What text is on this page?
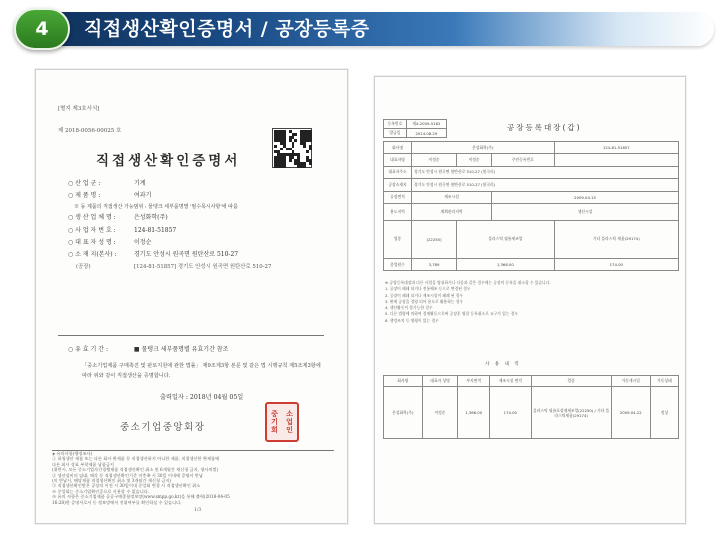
4	직접생산확인증명서 / 공장등록증
[별지 제3호서식]
제 2018-0056-00025 호
직접생산확인증명서
○ 산 업 군 :	기계
○ 제 품 명 :	여과기
※ 동 제품의 직접생산 가능범위 : 물탱크 세부품명별 '필수목시사항'에 따름
○ 생 산 업 체 명 :	은성화학(주)
○ 사 업 자 번 호 :	124-81-51857
○ 대 표 자 성 명 :	이정순
○ 소 재 지(본사) :	경기도 안성시 원곡면 원탄산로 510-27
(공장)	[124-81-51857] 경기도 안성시 원곡면 원탄산로 510-27
○ 유 효 기 간 :	■ 물탱크 세부품명별 유효기간 참조
「중소기업제품 구매촉진 및 판로지원에 관한 법률」 제9조제3항 본문 및 같은 법 시행규칙 제5조제3항에 따라 위와 같이 직접생산을 증명합니다.
출력일자 : 2018년 04월 05일
중소기업중앙회장
중	소
기	업
회	인

◈ 유의사항(행정조사)

① 하청생산 제품 또는 다른 회사 완제품 등 직접생산하지 아니한 제품, 직접생산한 완제품에

다른 회사 상표 부착제품 납품금지

(위반시, 모든 중소기업자간경쟁제품 직접생산확인 취소 및 6개월간 재신청 금지, 형사처벌)

② 생산설비의 임대, 매각 등 직접생산확인기준 미충족 시 30일 이내에 증명서 반납

(미 반납시, 해당제품 직접생산확인 취소 및 3개월간 재신청 금지)

③ 직접생산확인받은 공장의 이전 시 30일이내 중앙회 변경 시 직접생산확인 취소

※ 중앙회는 중소기업확인증으로 사용할 수 없습니다.

※ 유의 사항은 중소기업제품 공공구매종합정보망(www.smpp.go.kr)을 통해 출력(2018-04-05

16:28)한 증명서로서 동 정보망에서 진위여부를 확인하실 수 있습니다.

1/3
등록번호	제4-2009-5162
발급일	2014.08.29
공장등록대장(갑)
회사명	은성화학(주)			124-81-51857
대표자명	이정순	이정순	주민등록번호	
대표자주소	경기도 안성시 원곡면 원탄산로 510-27 (원곡리)			
공장소재지	경기도 안성시 원곡면 원탄산로 510-27 (원곡리)			
공장면적	제조시설		2009.04.15	
용도지역	계획관리지역		생산시설	
업종	(22250)	플라스틱 필름제조업		기타 플라스틱 제품(29174)
종업원수	3,789	1,366.00		174.00

※ 공장등록대장과 다른 사업을 영위하거나 다음과 같은 경우에는 공장의 등록을 취소할 수 있습니다.

1. 공장이 폐쇄 되거나 전통해조 등으로 변경된 경우

2. 공장이 폐쇄 되거나 제조시설이 폐쇄 된 경우

3. 완제 공장을 경영 되어 용도로 활용하는 경우

4. 생산활동이 불가능한 경우

5. 다른 법령에 의하여 경제활동으로써 공장운 영할 등록취소로 요구가 있는 경우

6. 행정조치 등 명령이 있는 경우

사 용 내 역
회사명	대표자 성명	부지면적	제조시설 면적	업종	가동개시일	가동상태
은성화학(주)	이정순	1,366.00	174.00	플라스틱 필름포장재제조업(22250) / 기타 플라스틱제품(29174)	2009.04.22	정상
